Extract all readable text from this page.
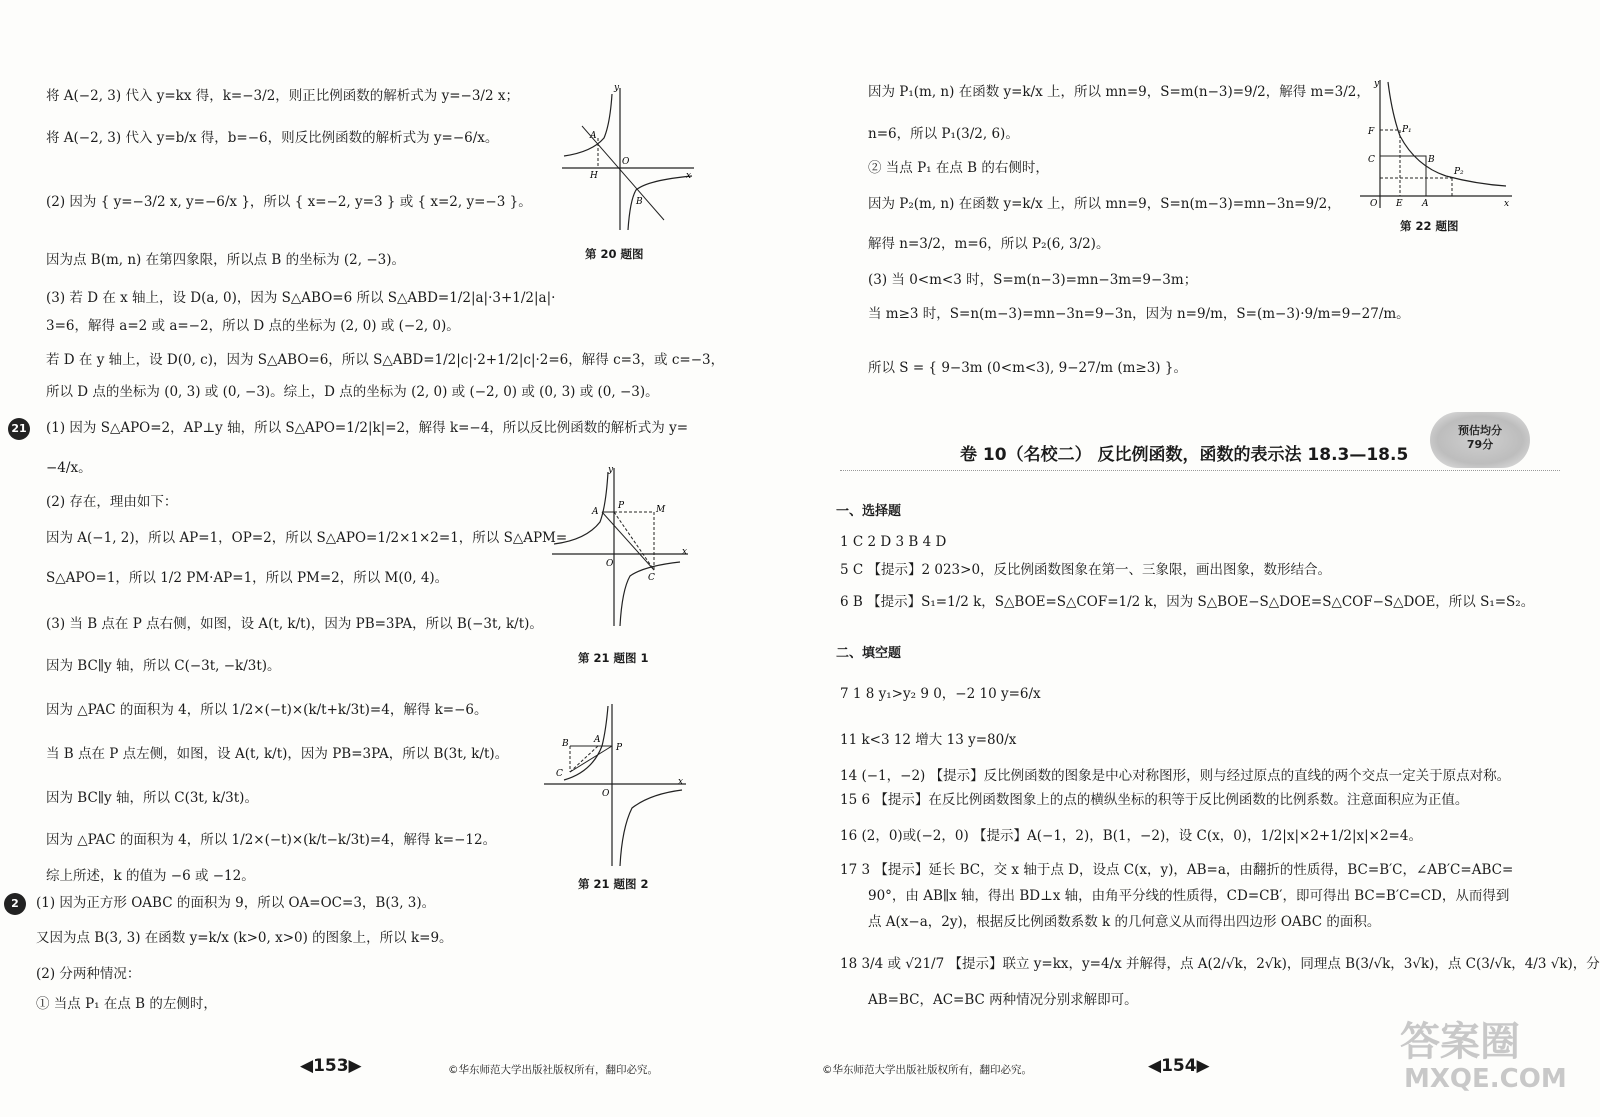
将 A(−2, 3) 代入 y=kx 得，k=−3/2，则正比例函数的解析式为 y=−3/2 x；
将 A(−2, 3) 代入 y=b/x 得，b=−6，则反比例函数的解析式为 y=−6/x。
(2) 因为 { y=−3/2 x, y=−6/x }，所以 { x=−2, y=3 } 或 { x=2, y=−3 }。
因为点 B(m, n) 在第四象限，所以点 B 的坐标为 (2, −3)。
(3) 若 D 在 x 轴上，设 D(a, 0)，因为 S△ABO=6 所以 S△ABD=1/2|a|·3+1/2|a|·
3=6，解得 a=2 或 a=−2，所以 D 点的坐标为 (2, 0) 或 (−2, 0)。
若 D 在 y 轴上，设 D(0, c)，因为 S△ABO=6，所以 S△ABD=1/2|c|·2+1/2|c|·2=6，解得 c=3，或 c=−3，
所以 D 点的坐标为 (0, 3) 或 (0, −3)。综上，D 点的坐标为 (2, 0) 或 (−2, 0) 或 (0, 3) 或 (0, −3)。
21 (1) 因为 S△APO=2，AP⊥y 轴，所以 S△APO=1/2|k|=2，解得 k=−4，所以反比例函数的解析式为 y=
−4/x。
(2) 存在，理由如下：
因为 A(−1, 2)，所以 AP=1，OP=2，所以 S△APO=1/2×1×2=1，所以 S△APM=
S△APO=1，所以 1/2 PM·AP=1，所以 PM=2，所以 M(0, 4)。
(3) 当 B 点在 P 点右侧，如图，设 A(t, k/t)，因为 PB=3PA，所以 B(−3t, k/t)。
因为 BC∥y 轴，所以 C(−3t, −k/3t)。
因为 △PAC 的面积为 4，所以 1/2×(−t)×(k/t+k/3t)=4，解得 k=−6。
当 B 点在 P 点左侧，如图，设 A(t, k/t)，因为 PB=3PA，所以 B(3t, k/t)。
因为 BC∥y 轴，所以 C(3t, k/3t)。
因为 △PAC 的面积为 4，所以 1/2×(−t)×(k/t−k/3t)=4，解得 k=−12。
综上所述，k 的值为 −6 或 −12。
2	(1) 因为正方形 OABC 的面积为 9，所以 OA=OC=3，B(3, 3)。
又因为点 B(3, 3) 在函数 y=k/x (k>0, x>0) 的图象上，所以 k=9。
(2) 分两种情况：
① 当点 P₁ 在点 B 的左侧时，
y
A
H
O
x
B
第 20 题图
y
A
P
O
M
x
C
第 21 题图 1
B	A
P
C
O
x
第 21 题图 2
◀153▶	©华东师范大学出版社版权所有，翻印必究。
因为 P₁(m, n) 在函数 y=k/x 上，所以 mn=9，S=m(n−3)=9/2，解得 m=3/2，
n=6，所以 P₁(3/2, 6)。
② 当点 P₁ 在点 B 的右侧时，
因为 P₂(m, n) 在函数 y=k/x 上，所以 mn=9，S=n(m−3)=mn−3n=9/2，
解得 n=3/2，m=6，所以 P₂(6, 3/2)。
(3) 当 0<m<3 时，S=m(n−3)=mn−3m=9−3m；
当 m≥3 时，S=n(m−3)=mn−3n=9−3n，因为 n=9/m，S=(m−3)·9/m=9−27/m。
所以 S = { 9−3m (0<m<3), 9−27/m (m≥3) }。
y
F	P₁
C	B
P₂
O E A	x
第 22 题图
预估均分
79分
卷 10（名校二） 反比例函数，函数的表示法 18.3—18.5
一、选择题
1 C 2 D 3 B 4 D
5 C 【提示】2 023>0，反比例函数图象在第一、三象限，画出图象，数形结合。
6 B 【提示】S₁=1/2 k，S△BOE=S△COF=1/2 k，因为 S△BOE−S△DOE=S△COF−S△DOE，所以 S₁=S₂。
二、填空题
7 1 8 y₁>y₂ 9 0，−2 10 y=6/x
11 k<3 12 增大 13 y=80/x
14 (−1，−2) 【提示】反比例函数的图象是中心对称图形，则与经过原点的直线的两个交点一定关于原点对称。
15 6 【提示】在反比例函数图象上的点的横纵坐标的积等于反比例函数的比例系数。注意面积应为正值。
16 (2，0)或(−2，0) 【提示】A(−1，2)，B(1，−2)，设 C(x，0)，1/2|x|×2+1/2|x|×2=4。
17 3 【提示】延长 BC，交 x 轴于点 D，设点 C(x，y)，AB=a，由翻折的性质得，BC=B′C，∠AB′C=ABC=
90°，由 AB∥x 轴，得出 BD⊥x 轴，由角平分线的性质得，CD=CB′，即可得出 BC=B′C=CD，从而得到
点 A(x−a，2y)，根据反比例函数系数 k 的几何意义从而得出四边形 OABC 的面积。
18 3/4 或 √21/7 【提示】联立 y=kx，y=4/x 并解得，点 A(2/√k，2√k)，同理点 B(3/√k，3√k)，点 C(3/√k，4/3 √k)，分
AB=BC，AC=BC 两种情况分别求解即可。
©华东师范大学出版社版权所有，翻印必究。	◀154▶
答案圈
MXQE.COM
